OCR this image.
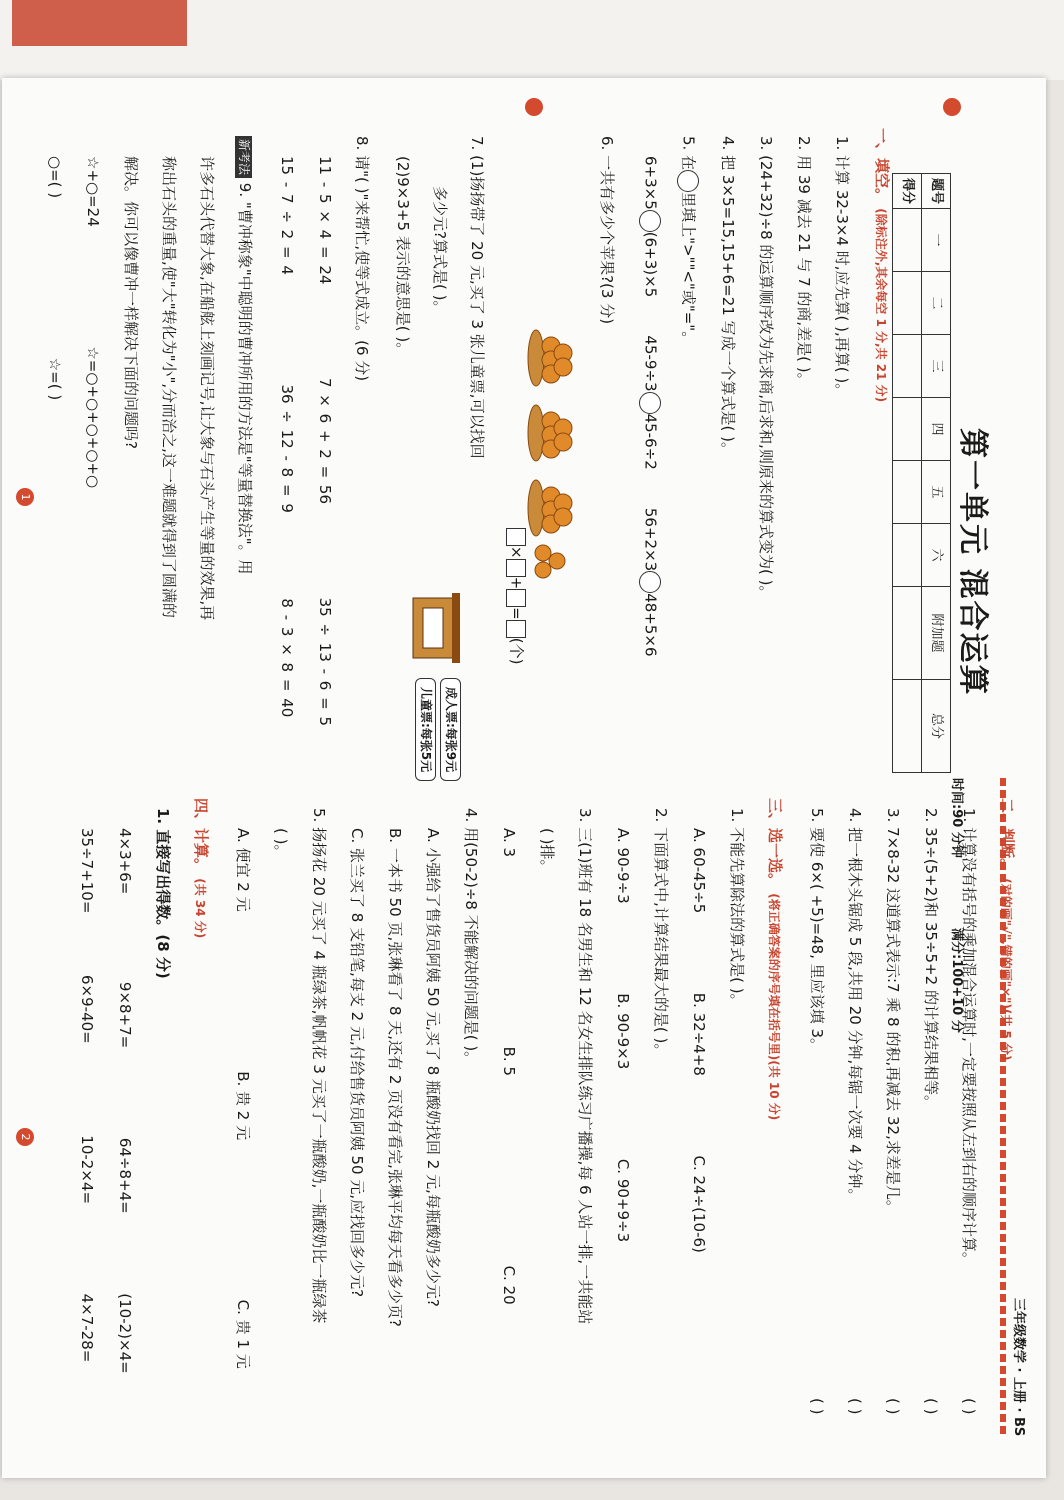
三年级数学 · 上册 · BS
第一单元 混合运算
时间:90 分钟
满分:100+10 分
题号	一	二	三	四	五	六	附加题	总分
得分								
1
2
一、填空。 (除标注外,其余每空 1 分,共 21 分)
1. 计算 32-3×4 时,应先算( ),再算( )。
2. 用 39 减去 21 与 7 的商,差是( )。
3. (24+32)÷8 的运算顺序改为先求商,后求和,则原来的算式变为( )。
4. 把 3×5=15,15+6=21 写成一个算式是( )。
5. 在里填上">""<"或"="。
6+3×5(6+3)×5        45-9÷345-6÷2        56+2×348+5×6
6. 一共有多少个苹果?(3 分)
×+=(个)
7. (1)扬扬带了 20 元,买了 3 张儿童票,可以找回
多少元?算式是( )。
(2)9×3+5 表示的意思是( )。
成人票:每张9元
儿童票:每张5元
8. 请"( )"来帮忙,使等式成立。(6 分)
11 - 5 × 4 = 24  7 × 6 + 2 = 56  35 ÷ 13 - 6 = 5
15 - 7 ÷ 2 = 4  36 ÷ 12 - 8 = 9  8 - 3 × 8 = 40
新考法 9. "曹冲称象"中聪明的曹冲所用的方法是"等量替换法"。用
许多石头代替大象,在船舷上刻画记号,让大象与石头产生等量的效果,再
称出石头的重量,使"大"转化为"小",分而治之,这一难题就得到了圆满的
解决。你可以像曹冲一样解决下面的问题吗?
☆+○=24  ☆=○+○+○+○+○
○=( )  ☆=( )
二、判断。 (对的画"√",错的画"×")(共 5 分)
1. 计算没有括号的乘加混合运算时,一定要按照从左到右的顺序计算。
2. 35÷(5+2)和 35÷5+2 的计算结果相等。
3. 7×8-32 这道算式表示:7 乘 8 的积,再减去 32,求差是几。
4. 把一根木头锯成 5 段,共用 20 分钟,每锯一次要 4 分钟。
5. 要使 6×( +5)=48, 里应该填 3。
( )
( )
( )
( )
( )
三、选一选。 (将正确答案的序号填在括号里)(共 10 分)
1. 不能先算除法的算式是( )。
A. 60-45÷5  B. 32÷4+8  C. 24÷(10-6)
2. 下面算式中,计算结果最大的是( )。
A. 90-9÷3  B. 90-9×3  C. 90+9÷3
3. 三(1)班有 18 名男生和 12 名女生排队练习广播操,每 6 人站一排,一共能站
( )排。
A. 3  B. 5  C. 20
4. 用(50-2)÷8 不能解决的问题是( )。
A. 小强给了售货员阿姨 50 元,买了 8 瓶酸奶找回 2 元,每瓶酸奶多少元?
B. 一本书 50 页,张琳看了 8 天,还有 2 页没有看完,张琳平均每天看多少页?
C. 张兰买了 8 支铅笔,每支 2 元,付给售货员阿姨 50 元,应找回多少元?
5. 扬扬花 20 元买了 4 瓶绿茶,帆帆花 3 元买了一瓶酸奶,一瓶酸奶比一瓶绿茶
( )。
A. 便宜 2 元  B. 贵 2 元  C. 贵 1 元
四、计算。 (共 34 分)
1. 直接写出得数。(8 分)
4×3+6=  9×8+7=  64÷8+4=  (10-2)×4=
35÷7+10=  6×9-40=  10-2×4=  4×7-28=
